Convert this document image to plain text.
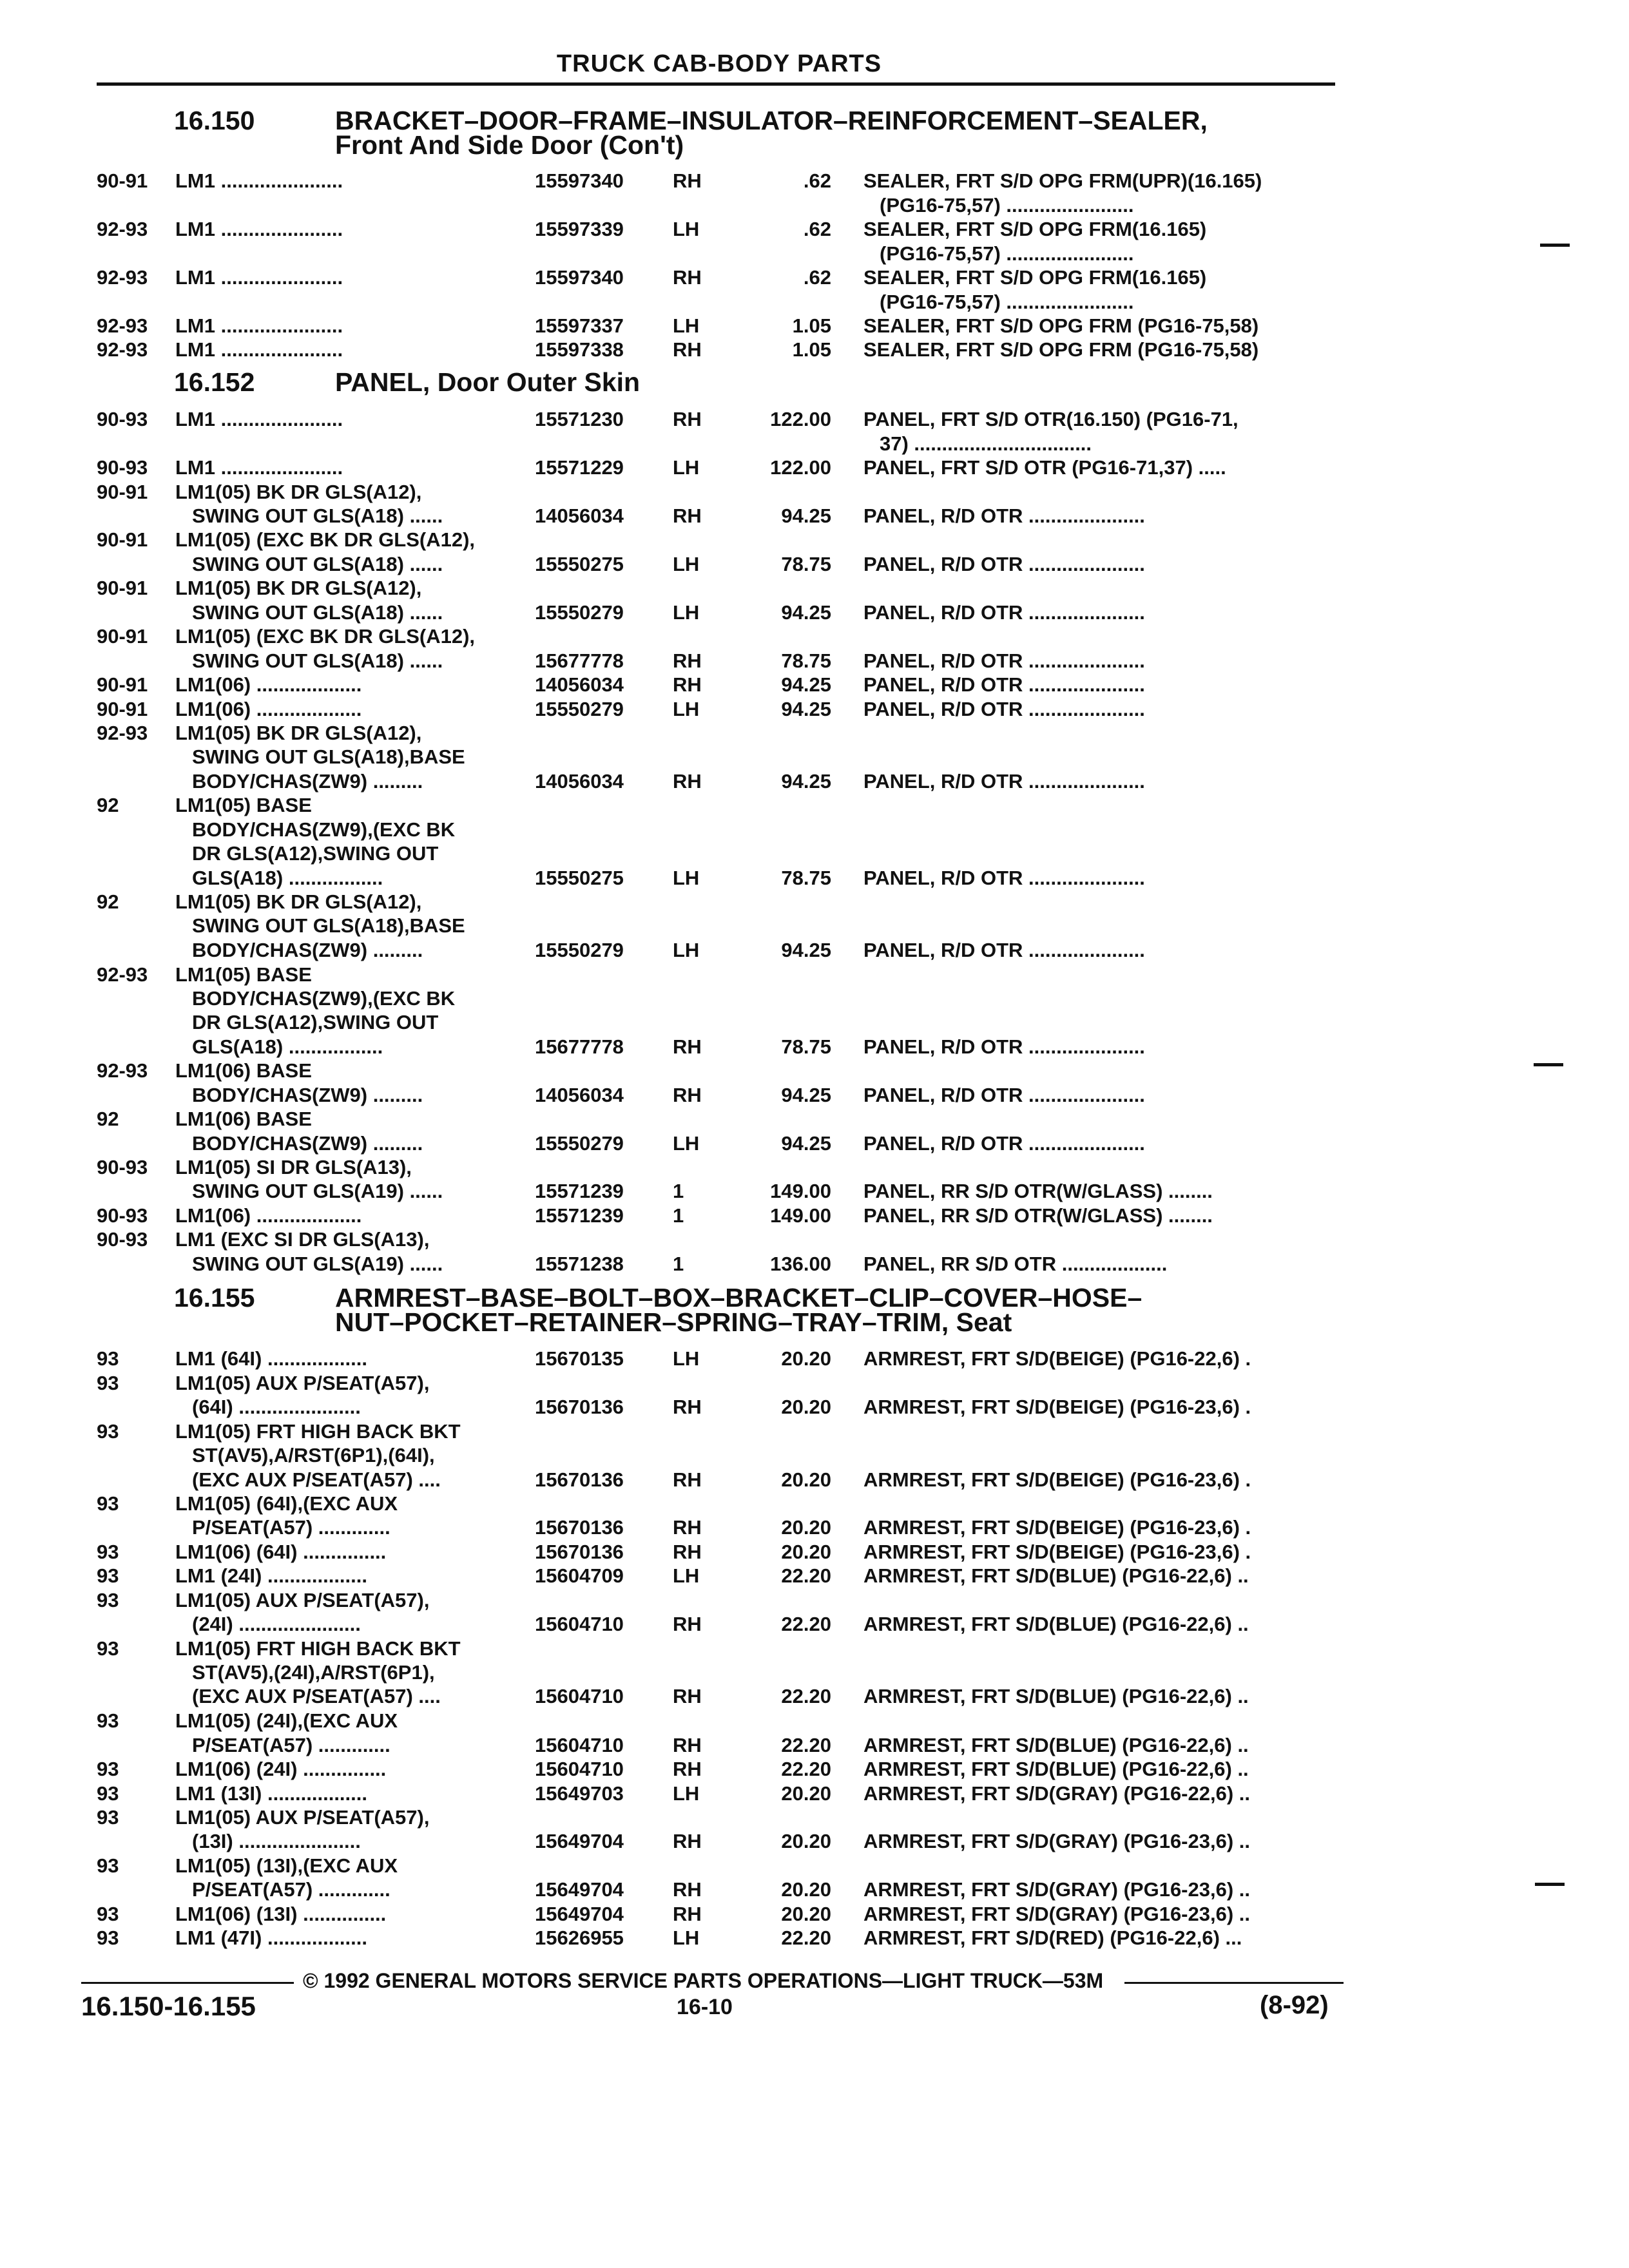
TRUCK CAB-BODY PARTS
16.150	BRACKET–DOOR–FRAME–INSULATOR–REINFORCEMENT–SEALER,
Front And Side Door (Con't)
16.152	PANEL, Door Outer Skin
16.155	ARMREST–BASE–BOLT–BOX–BRACKET–CLIP–COVER–HOSE–
NUT–POCKET–RETAINER–SPRING–TRAY–TRIM, Seat
90-91 LM1 ......................	15597340 RH	.62 SEALER, FRT S/D OPG FRM(UPR)(16.165)
(PG16-75,57) .......................
92-93 LM1 ......................	15597339 LH	.62 SEALER, FRT S/D OPG FRM(16.165)
(PG16-75,57) .......................
92-93 LM1 ......................	15597340 RH	.62 SEALER, FRT S/D OPG FRM(16.165)
(PG16-75,57) .......................
92-93 LM1 ......................	15597337 LH	1.05 SEALER, FRT S/D OPG FRM (PG16-75,58)
92-93 LM1 ......................	15597338 RH	1.05 SEALER, FRT S/D OPG FRM (PG16-75,58)
90-93 LM1 ......................	15571230 RH	122.00 PANEL, FRT S/D OTR(16.150) (PG16-71,
37) ................................
90-93 LM1 ......................	15571229 LH	122.00 PANEL, FRT S/D OTR (PG16-71,37) .....
90-91 LM1(05) BK DR GLS(A12),
SWING OUT GLS(A18) ......	14056034 RH	94.25 PANEL, R/D OTR .....................
90-91 LM1(05) (EXC BK DR GLS(A12),
SWING OUT GLS(A18) ......	15550275 LH	78.75 PANEL, R/D OTR .....................
90-91 LM1(05) BK DR GLS(A12),
SWING OUT GLS(A18) ......	15550279 LH	94.25 PANEL, R/D OTR .....................
90-91 LM1(05) (EXC BK DR GLS(A12),
SWING OUT GLS(A18) ......	15677778 RH	78.75 PANEL, R/D OTR .....................
90-91 LM1(06) ...................	14056034 RH	94.25 PANEL, R/D OTR .....................
90-91 LM1(06) ...................	15550279 LH	94.25 PANEL, R/D OTR .....................
92-93 LM1(05) BK DR GLS(A12),
SWING OUT GLS(A18),BASE
BODY/CHAS(ZW9) .........	14056034 RH	94.25 PANEL, R/D OTR .....................
92	LM1(05) BASE
BODY/CHAS(ZW9),(EXC BK
DR GLS(A12),SWING OUT
GLS(A18) .................	15550275 LH	78.75 PANEL, R/D OTR .....................
92	LM1(05) BK DR GLS(A12),
SWING OUT GLS(A18),BASE
BODY/CHAS(ZW9) .........	15550279 LH	94.25 PANEL, R/D OTR .....................
92-93 LM1(05) BASE
BODY/CHAS(ZW9),(EXC BK
DR GLS(A12),SWING OUT
GLS(A18) .................	15677778 RH	78.75 PANEL, R/D OTR .....................
92-93 LM1(06) BASE
BODY/CHAS(ZW9) .........	14056034 RH	94.25 PANEL, R/D OTR .....................
92	LM1(06) BASE
BODY/CHAS(ZW9) .........	15550279 LH	94.25 PANEL, R/D OTR .....................
90-93 LM1(05) SI DR GLS(A13),
SWING OUT GLS(A19) ......	15571239 1	149.00 PANEL, RR S/D OTR(W/GLASS) ........
90-93 LM1(06) ...................	15571239 1	149.00 PANEL, RR S/D OTR(W/GLASS) ........
90-93 LM1 (EXC SI DR GLS(A13),
SWING OUT GLS(A19) ......	15571238 1	136.00 PANEL, RR S/D OTR ...................
93	LM1 (64I) ..................	15670135 LH	20.20 ARMREST, FRT S/D(BEIGE) (PG16-22,6) .
93	LM1(05) AUX P/SEAT(A57),
(64I) ......................	15670136 RH	20.20 ARMREST, FRT S/D(BEIGE) (PG16-23,6) .
93	LM1(05) FRT HIGH BACK BKT
ST(AV5),A/RST(6P1),(64I),
(EXC AUX P/SEAT(A57) ....	15670136 RH	20.20 ARMREST, FRT S/D(BEIGE) (PG16-23,6) .
93	LM1(05) (64I),(EXC AUX
P/SEAT(A57) .............	15670136 RH	20.20 ARMREST, FRT S/D(BEIGE) (PG16-23,6) .
93	LM1(06) (64I) ...............	15670136 RH	20.20 ARMREST, FRT S/D(BEIGE) (PG16-23,6) .
93	LM1 (24I) ..................	15604709 LH	22.20 ARMREST, FRT S/D(BLUE) (PG16-22,6) ..
93	LM1(05) AUX P/SEAT(A57),
(24I) ......................	15604710 RH	22.20 ARMREST, FRT S/D(BLUE) (PG16-22,6) ..
93	LM1(05) FRT HIGH BACK BKT
ST(AV5),(24I),A/RST(6P1),
(EXC AUX P/SEAT(A57) ....	15604710 RH	22.20 ARMREST, FRT S/D(BLUE) (PG16-22,6) ..
93	LM1(05) (24I),(EXC AUX
P/SEAT(A57) .............	15604710 RH	22.20 ARMREST, FRT S/D(BLUE) (PG16-22,6) ..
93	LM1(06) (24I) ...............	15604710 RH	22.20 ARMREST, FRT S/D(BLUE) (PG16-22,6) ..
93	LM1 (13I) ..................	15649703 LH	20.20 ARMREST, FRT S/D(GRAY) (PG16-22,6) ..
93	LM1(05) AUX P/SEAT(A57),
(13I) ......................	15649704 RH	20.20 ARMREST, FRT S/D(GRAY) (PG16-23,6) ..
93	LM1(05) (13I),(EXC AUX
P/SEAT(A57) .............	15649704 RH	20.20 ARMREST, FRT S/D(GRAY) (PG16-23,6) ..
93	LM1(06) (13I) ...............	15649704 RH	20.20 ARMREST, FRT S/D(GRAY) (PG16-23,6) ..
93	LM1 (47I) ..................	15626955 LH	22.20 ARMREST, FRT S/D(RED) (PG16-22,6) ...
© 1992 GENERAL MOTORS SERVICE PARTS OPERATIONS—LIGHT TRUCK—53M
16.150-16.155	16-10	(8-92)
